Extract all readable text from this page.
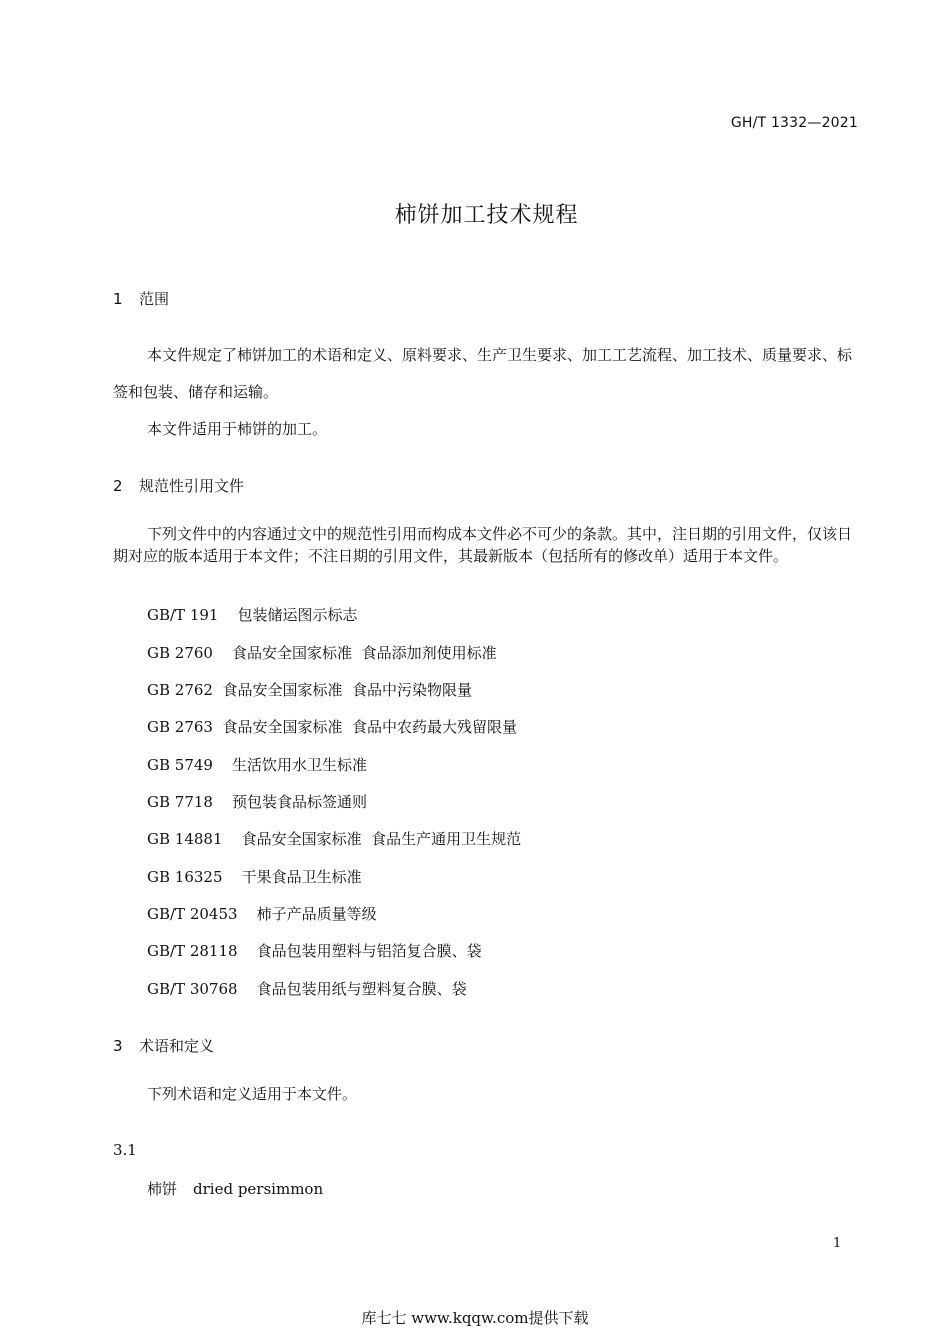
GH/T 1332—2021
柿饼加工技术规程
1 范围
本文件规定了柿饼加工的术语和定义、原料要求、生产卫生要求、加工工艺流程、加工技术、质量要求、标签和包装、储存和运输。
本文件适用于柿饼的加工。
2 规范性引用文件
下列文件中的内容通过文中的规范性引用而构成本文件必不可少的条款。其中，注日期的引用文件，仅该日期对应的版本适用于本文件；不注日期的引用文件，其最新版本（包括所有的修改单）适用于本文件。
GB/T 191 包装储运图示标志
GB 2760 食品安全国家标准  食品添加剂使用标准
GB 2762 食品安全国家标准  食品中污染物限量
GB 2763 食品安全国家标准  食品中农药最大残留限量
GB 5749 生活饮用水卫生标准
GB 7718 预包装食品标签通则
GB 14881 食品安全国家标准  食品生产通用卫生规范
GB 16325 干果食品卫生标准
GB/T 20453 柿子产品质量等级
GB/T 28118 食品包装用塑料与铝箔复合膜、袋
GB/T 30768 食品包装用纸与塑料复合膜、袋
3 术语和定义
下列术语和定义适用于本文件。
3.1
柿饼 dried persimmon
1
库七七 www.kqqw.com提供下载
